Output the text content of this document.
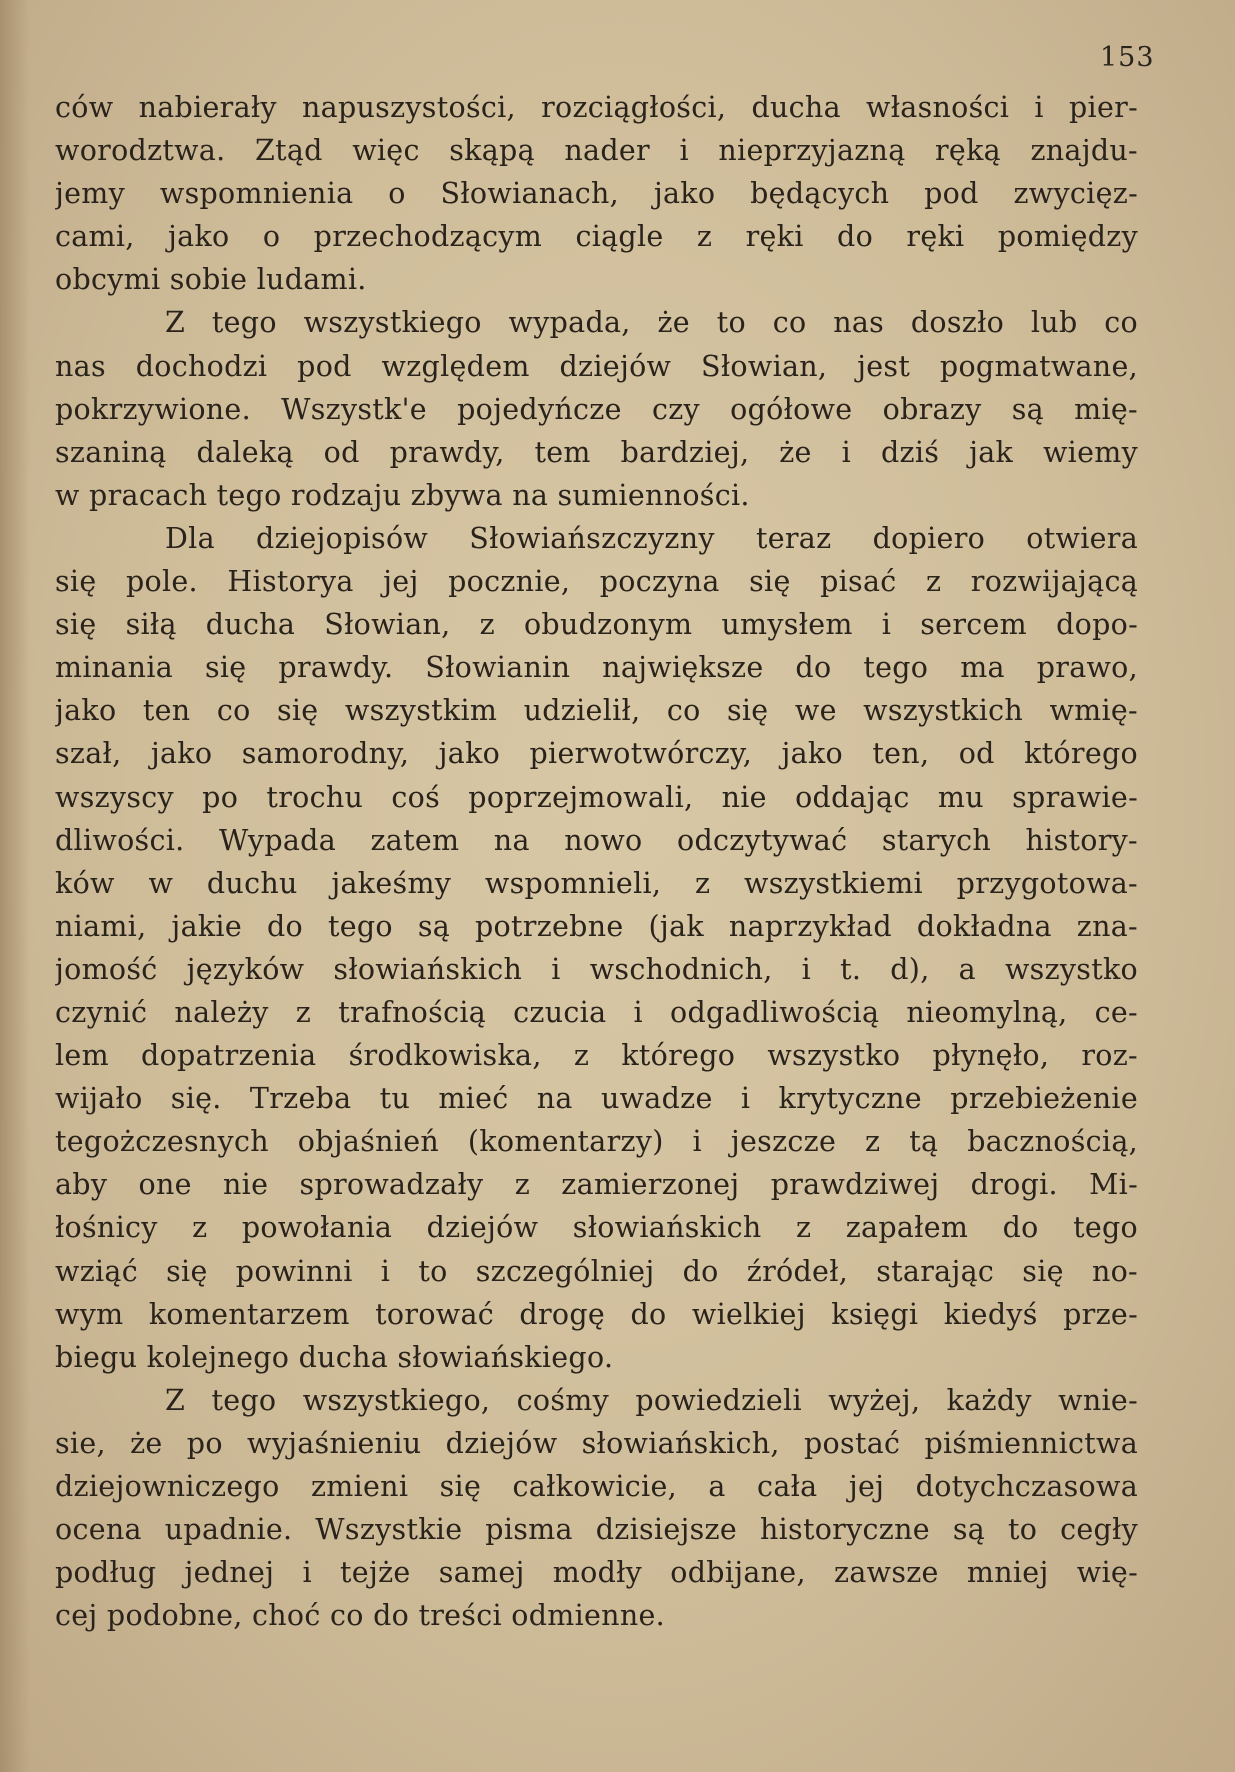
153
ców nabierały napuszystości, rozciągłości, ducha własności i pier-
worodztwa. Ztąd więc skąpą nader i nieprzyjazną ręką znajdu-
jemy wspomnienia o Słowianach, jako będących pod zwycięz-
cami, jako o przechodzącym ciągle z ręki do ręki pomiędzy
obcymi sobie ludami.
Z tego wszystkiego wypada, że to co nas doszło lub co
nas dochodzi pod względem dziejów Słowian, jest pogmatwane,
pokrzywione. Wszystk'e pojedyńcze czy ogółowe obrazy są mię-
szaniną daleką od prawdy, tem bardziej, że i dziś jak wiemy
w pracach tego rodzaju zbywa na sumienności.
Dla dziejopisów Słowiańszczyzny teraz dopiero otwiera
się pole. Historya jej pocznie, poczyna się pisać z rozwijającą
się siłą ducha Słowian, z obudzonym umysłem i sercem dopo-
minania się prawdy. Słowianin największe do tego ma prawo,
jako ten co się wszystkim udzielił, co się we wszystkich wmię-
szał, jako samorodny, jako pierwotwórczy, jako ten, od którego
wszyscy po trochu coś poprzejmowali, nie oddając mu sprawie-
dliwości. Wypada zatem na nowo odczytywać starych history-
ków w duchu jakeśmy wspomnieli, z wszystkiemi przygotowa-
niami, jakie do tego są potrzebne (jak naprzykład dokładna zna-
jomość języków słowiańskich i wschodnich, i t. d), a wszystko
czynić należy z trafnością czucia i odgadliwością nieomylną, ce-
lem dopatrzenia środkowiska, z którego wszystko płynęło, roz-
wijało się. Trzeba tu mieć na uwadze i krytyczne przebieżenie
tegożczesnych objaśnień (komentarzy) i jeszcze z tą bacznością,
aby one nie sprowadzały z zamierzonej prawdziwej drogi. Mi-
łośnicy z powołania dziejów słowiańskich z zapałem do tego
wziąć się powinni i to szczególniej do źródeł, starając się no-
wym komentarzem torować drogę do wielkiej księgi kiedyś prze-
biegu kolejnego ducha słowiańskiego.
Z tego wszystkiego, cośmy powiedzieli wyżej, każdy wnie-
sie, że po wyjaśnieniu dziejów słowiańskich, postać piśmiennictwa
dziejowniczego zmieni się całkowicie, a cała jej dotychczasowa
ocena upadnie. Wszystkie pisma dzisiejsze historyczne są to cegły
podług jednej i tejże samej modły odbijane, zawsze mniej wię-
cej podobne, choć co do treści odmienne.
